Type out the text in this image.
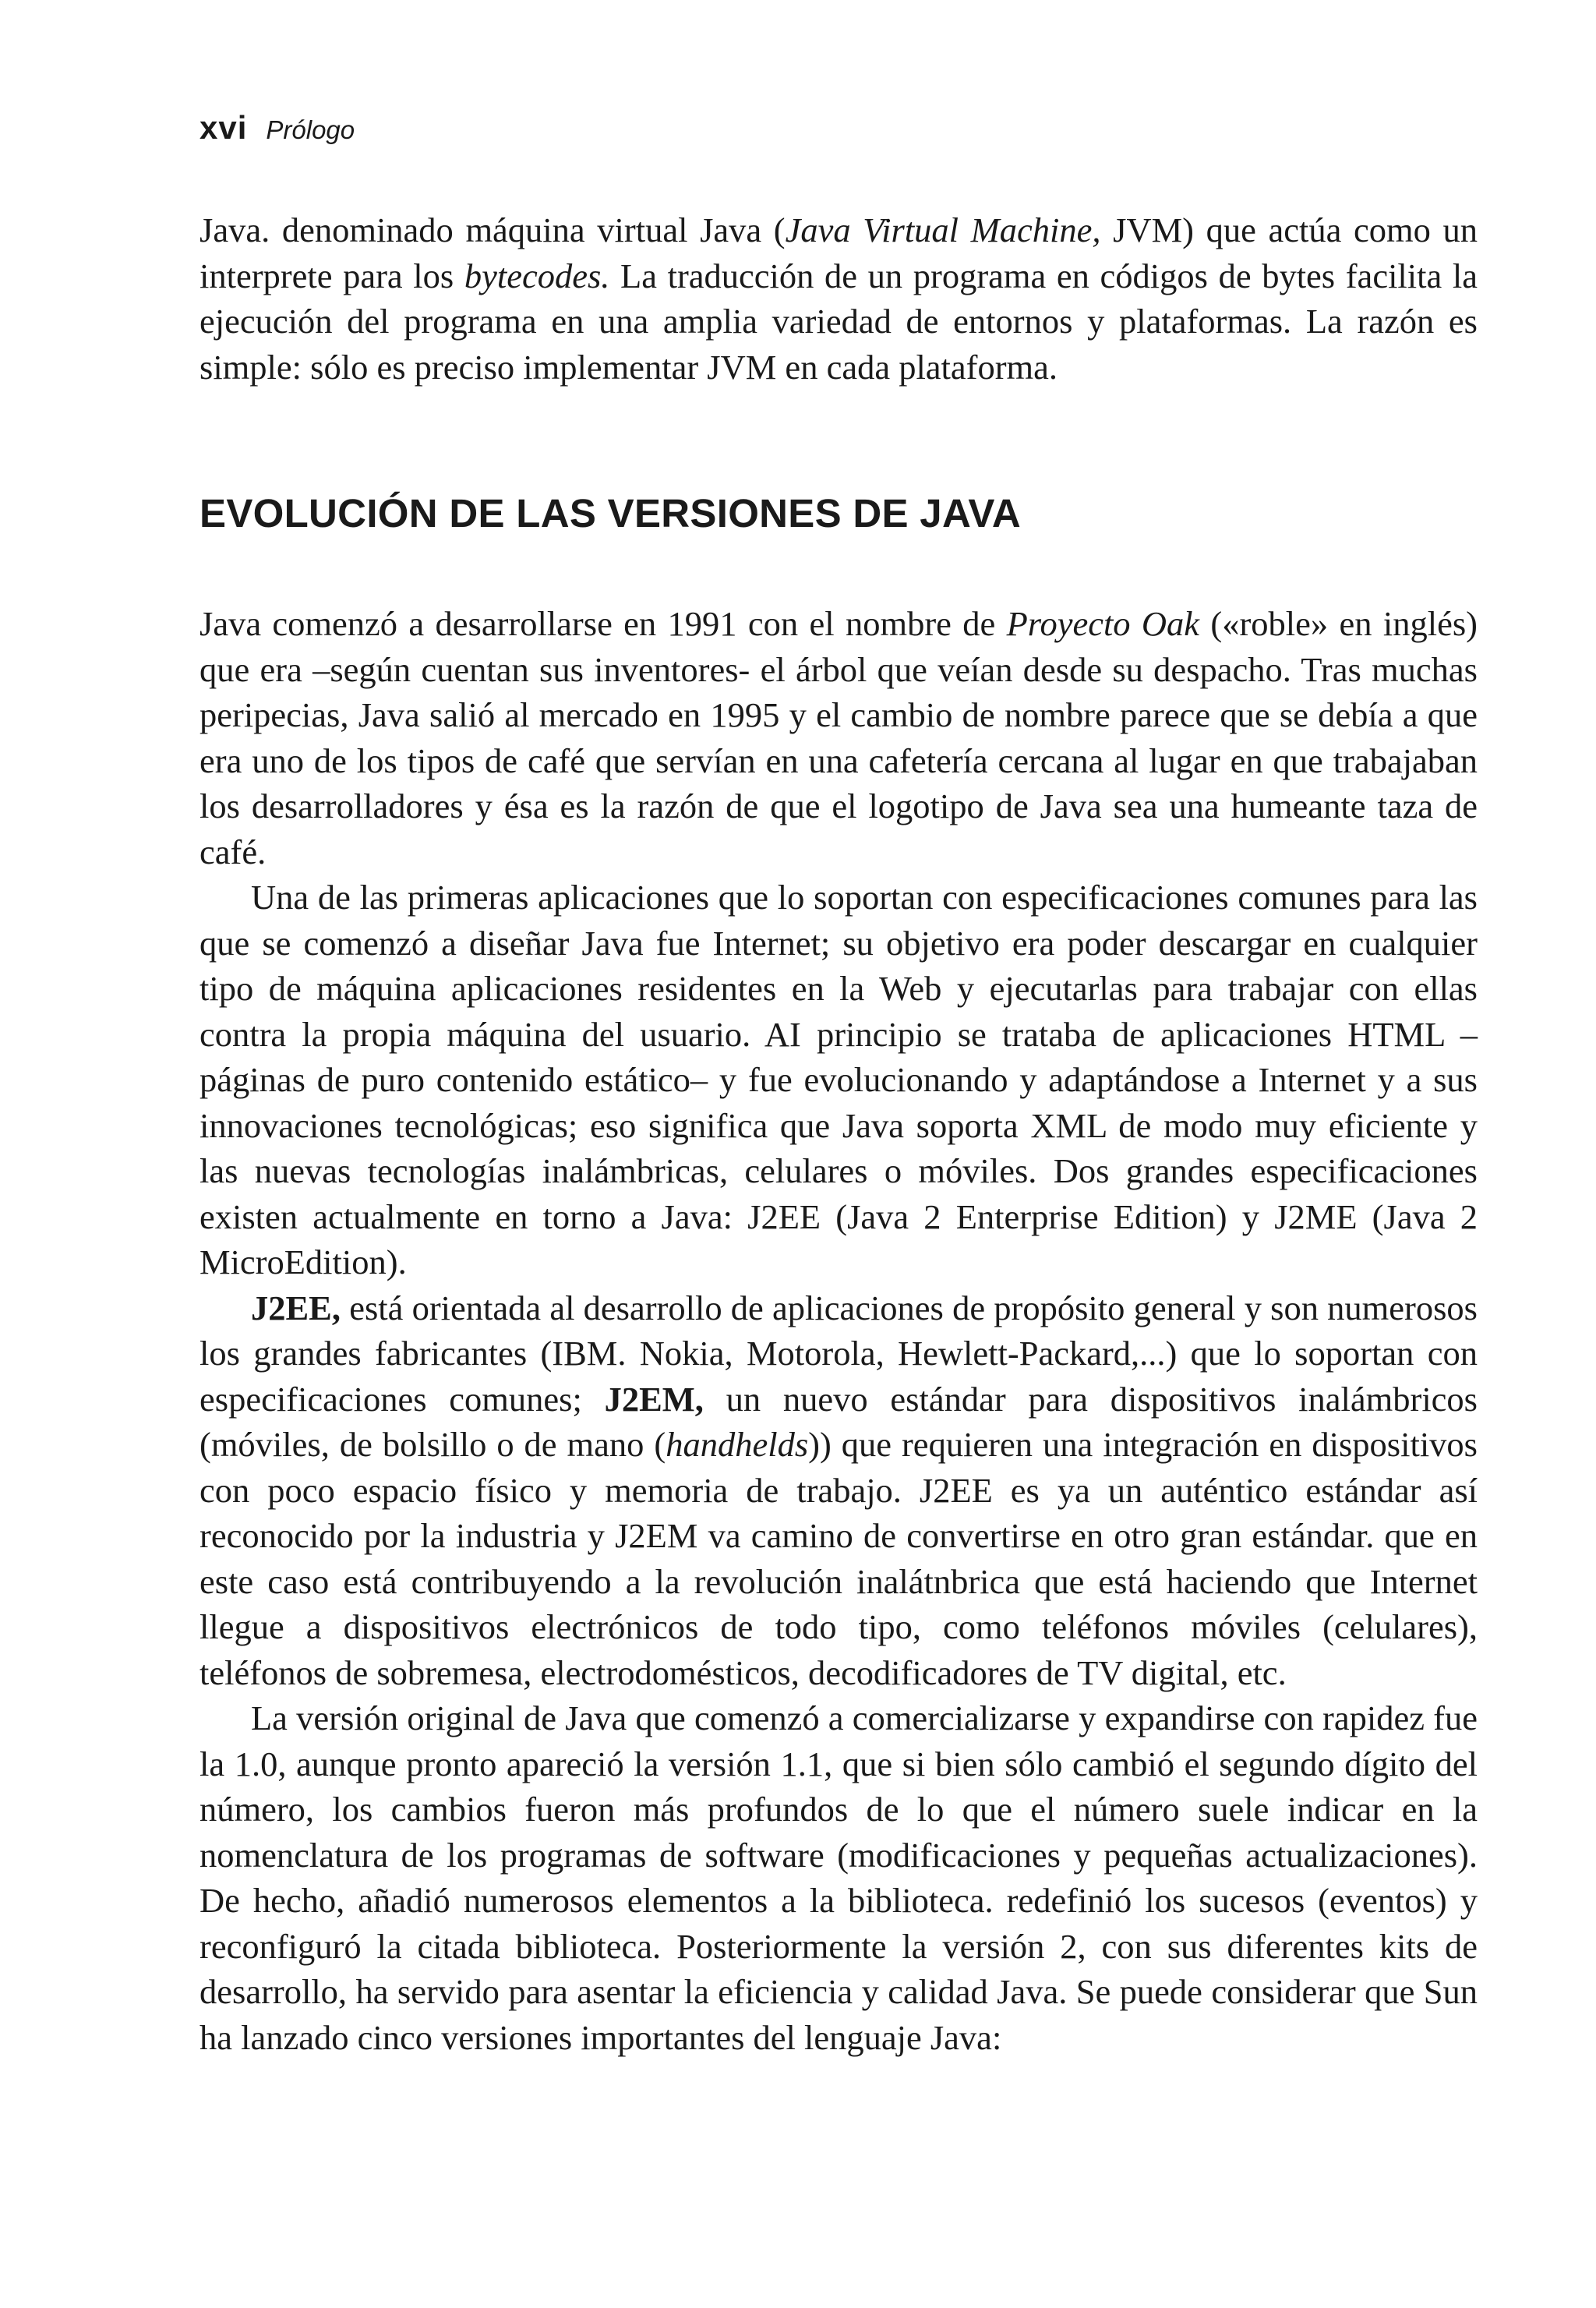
xvi Prólogo

Java. denominado máquina virtual Java (Java Virtual Machine, JVM) que actúa como un interprete para los bytecodes. La traducción de un programa en códigos de bytes facilita la ejecución del programa en una amplia variedad de entornos y plataformas. La razón es simple: sólo es preciso implementar JVM en cada plataforma.

EVOLUCIÓN DE LAS VERSIONES DE JAVA

Java comenzó a desarrollarse en 1991 con el nombre de Proyecto Oak («roble» en inglés) que era –según cuentan sus inventores- el árbol que veían desde su despacho. Tras muchas peripecias, Java salió al mercado en 1995 y el cambio de nombre parece que se debía a que era uno de los tipos de café que servían en una cafetería cercana al lugar en que trabajaban los desarrolladores y ésa es la razón de que el logotipo de Java sea una humeante taza de café.

Una de las primeras aplicaciones que lo soportan con especificaciones comunes para las que se comenzó a diseñar Java fue Internet; su objetivo era poder descargar en cualquier tipo de máquina aplicaciones residentes en la Web y ejecutarlas para trabajar con ellas contra la propia máquina del usuario. AI principio se trataba de aplicaciones HTML –páginas de puro contenido estático– y fue evolucionando y adaptándose a Internet y a sus innovaciones tecnológicas; eso significa que Java soporta XML de modo muy eficiente y las nuevas tecnologías inalámbricas, celulares o móviles. Dos grandes especificaciones existen actualmente en torno a Java: J2EE (Java 2 Enterprise Edition) y J2ME (Java 2 MicroEdition).

J2EE, está orientada al desarrollo de aplicaciones de propósito general y son numerosos los grandes fabricantes (IBM. Nokia, Motorola, Hewlett-Packard,...) que lo soportan con especificaciones comunes; J2EM, un nuevo estándar para dispositivos inalámbricos (móviles, de bolsillo o de mano (handhelds)) que requieren una integración en dispositivos con poco espacio físico y memoria de trabajo. J2EE es ya un auténtico estándar así reconocido por la industria y J2EM va camino de convertirse en otro gran estándar. que en este caso está contribuyendo a la revolución inalátnbrica que está haciendo que Internet llegue a dispositivos electrónicos de todo tipo, como teléfonos móviles (celulares), teléfonos de sobremesa, electrodomésticos, decodificadores de TV digital, etc.

La versión original de Java que comenzó a comercializarse y expandirse con rapidez fue la 1.0, aunque pronto apareció la versión 1.1, que si bien sólo cambió el segundo dígito del número, los cambios fueron más profundos de lo que el número suele indicar en la nomenclatura de los programas de software (modificaciones y pequeñas actualizaciones). De hecho, añadió numerosos elementos a la biblioteca. redefinió los sucesos (eventos) y reconfiguró la citada biblioteca. Posteriormente la versión 2, con sus diferentes kits de desarrollo, ha servido para asentar la eficiencia y calidad Java. Se puede considerar que Sun ha lanzado cinco versiones importantes del lenguaje Java:
